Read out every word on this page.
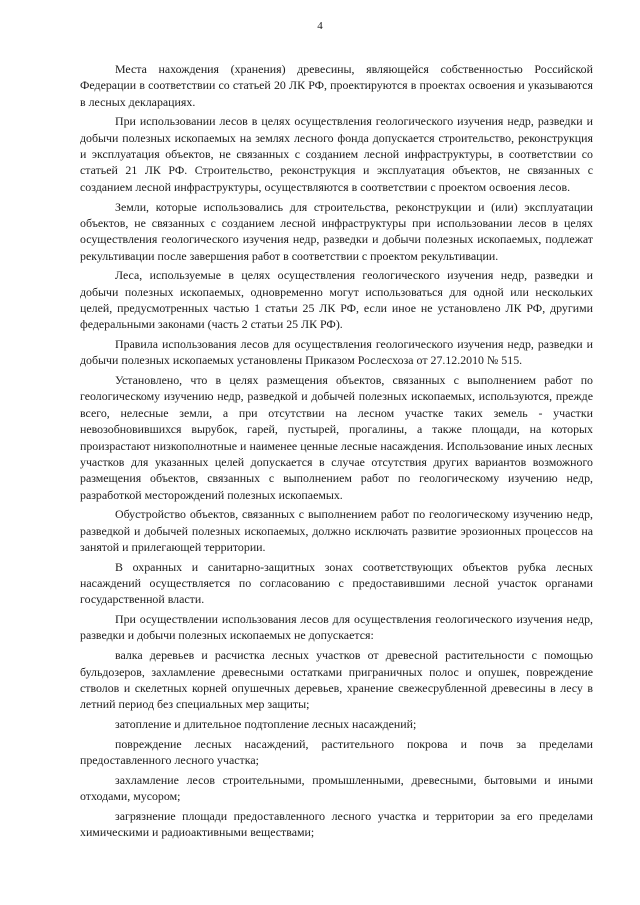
4

Места нахождения (хранения) древесины, являющейся собственностью Российской Федерации в соответствии со статьей 20 ЛК РФ, проектируются в проектах освоения и указываются в лесных декларациях.

При использовании лесов в целях осуществления геологического изучения недр, разведки и добычи полезных ископаемых на землях лесного фонда допускается строительство, реконструкция и эксплуатация объектов, не связанных с созданием лесной инфраструктуры, в соответствии со статьей 21 ЛК РФ. Строительство, реконструкция и эксплуатация объектов, не связанных с созданием лесной инфраструктуры, осуществляются в соответствии с проектом освоения лесов.

Земли, которые использовались для строительства, реконструкции и (или) эксплуатации объектов, не связанных с созданием лесной инфраструктуры при использовании лесов в целях осуществления геологического изучения недр, разведки и добычи полезных ископаемых, подлежат рекультивации после завершения работ в соответствии с проектом рекультивации.

Леса, используемые в целях осуществления геологического изучения недр, разведки и добычи полезных ископаемых, одновременно могут использоваться для одной или нескольких целей, предусмотренных частью 1 статьи 25 ЛК РФ, если иное не установлено ЛК РФ, другими федеральными законами (часть 2 статьи 25 ЛК РФ).

Правила использования лесов для осуществления геологического изучения недр, разведки и добычи полезных ископаемых установлены Приказом Рослесхоза от 27.12.2010 № 515.

Установлено, что в целях размещения объектов, связанных с выполнением работ по геологическому изучению недр, разведкой и добычей полезных ископаемых, используются, прежде всего, нелесные земли, а при отсутствии на лесном участке таких земель - участки невозобновившихся вырубок, гарей, пустырей, прогалины, а также площади, на которых произрастают низкополнотные и наименее ценные лесные насаждения. Использование иных лесных участков для указанных целей допускается в случае отсутствия других вариантов возможного размещения объектов, связанных с выполнением работ по геологическому изучению недр, разработкой месторождений полезных ископаемых.

Обустройство объектов, связанных с выполнением работ по геологическому изучению недр, разведкой и добычей полезных ископаемых, должно исключать развитие эрозионных процессов на занятой и прилегающей территории.

В охранных и санитарно-защитных зонах соответствующих объектов рубка лесных насаждений осуществляется по согласованию с предоставившими лесной участок органами государственной власти.

При осуществлении использования лесов для осуществления геологического изучения недр, разведки и добычи полезных ископаемых не допускается:

валка деревьев и расчистка лесных участков от древесной растительности с помощью бульдозеров, захламление древесными остатками приграничных полос и опушек, повреждение стволов и скелетных корней опушечных деревьев, хранение свежесрубленной древесины в лесу в летний период без специальных мер защиты;

затопление и длительное подтопление лесных насаждений;

повреждение лесных насаждений, растительного покрова и почв за пределами предоставленного лесного участка;

захламление лесов строительными, промышленными, древесными, бытовыми и иными отходами, мусором;

загрязнение площади предоставленного лесного участка и территории за его пределами химическими и радиоактивными веществами;
